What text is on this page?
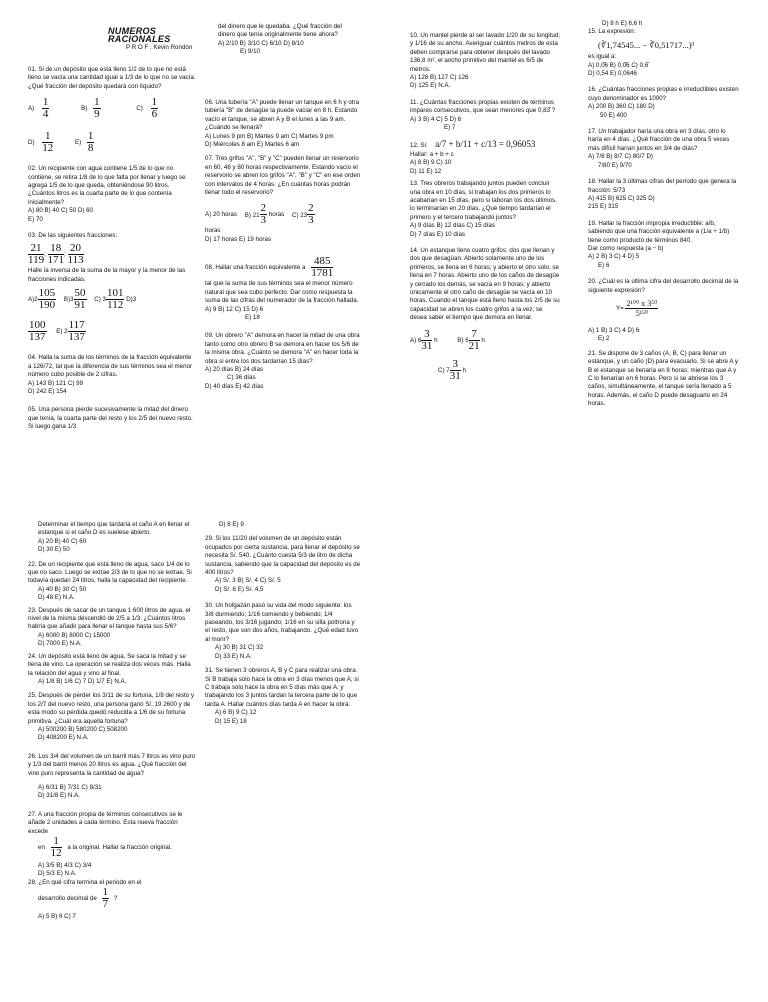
NUMEROS RACIONALES
P R O F . Kevin Rondón

del dinero que le quedaba. ¿Qué fracción del dinero que tenía originalmente tiene ahora?

A) 2/10 B) 3/10 C) 6/10 D) 8/10

E) 9/10

01. Si de un depósito que está lleno 1/2 de lo que no está lleno se vacía una cantidad igual a 1/3 de lo que no se vacía. ¿Qué fracción del depósito quedará con líquido?

$A) \frac{1}{4}$	$B) \frac{1}{9}$	$C) \frac{1}{6}$
$D) \frac{1}{12}$	$E) \frac{1}{8}$

02. Un recipiente con agua contiene 1/5 de lo que no contiene, se retira 1/8 de lo que falta por llenar y luego se agrega 1/5 de lo que queda, obteniéndose 90 litros. ¿Cuántos litros es la cuarta parte de lo que contenía inicialmente?

A) 80 B) 40 C) 50 D) 60

E) 70

03. De las siguientes fracciones:

$\frac{21}{119}$ ; $\frac{18}{171}$ ; $\frac{20}{113}$

Halle la inversa de la suma de la mayor y la menor de las fracciones indicadas.

$A)2 \frac{105}{190} B)3 \frac{50}{91} C$) $3 \frac{101}{112} D)3$
$\frac{100}{137} E$) $2 \frac{117}{137}$

04. Halla la suma de los términos de la fracción equivalente a 126/72, tal que la diferencia de sus términos sea el menor número cubo posible de 2 cifras.

A) 143 B) 121 C) 99

D) 242 E) 154

05. Una persona pierde sucesivamente la mitad del dinero que tenía, la cuarta parte del resto y los 2/5 del nuevo resto. Si luego gana 1/3

06. Una tubería "A" puede llenar un tanque en 6 h y otra tubería "B" de desagüe la puede vaciar en 8 h. Estando vacío el tanque, se abren A y B el lunes a las 9 am. ¿Cuándo se llenará?

A) Lunes 9 pm B) Martes 9 am C) Martes 9 pm

D) Miércoles 8 am E) Martes 6 am

07. Tres grifos "A", "B" y "C" pueden llenar un reservorio en 60, 48 y 80 horas respectivamente. Estando vacío el reservorio se abren los grifos "A", "B" y "C" en ese orden con intervalos de 4 horas. ¿En cuántas horas podrán llenar todo el reservorio?

A) 20 horas B) $21 \frac{2}{3}$ horas C) $23 \frac{2}{3}$

horas

D) 17 horas E) 19 horas

08. Hallar una fracción equivalente a $\frac{485}{1781}$

tal que la suma de sus términos sea el menor número natural que sea cubo perfecto. Dar como respuesta la suma de las cifras del numerador de la fracción hallada.

A) 9 B) 12 C) 15 D) 6

E) 18

09. Un obrero "A" demora en hacer la mitad de una obra tanto como otro obrero B se demora en hacer los 5/6 de la misma obra. ¿Cuánto se demora "A" en hacer toda la obra si entre los dos tardarían 15 días?

A) 20 días B) 24 días

C) 36 días

D) 40 días E) 42 días

10. Un mantel pierde al ser lavado 1/20 de su longitud; y 1/16 de su ancho. Averiguar cuántos metros de esta deben comprarse para obtener después del lavado 136,8 m², el ancho primitivo del mantel es 6/5 de metros.

A) 128 B) 127 C) 126

D) 125 E) N.A.

11. ¿Cuántas fracciones propias existen de términos impares consecutivos, que sean menores que 0,83̂ ?

A) 3 B) 4 C) 5 D) 6

E) 7

12. Si: a/7 + b/11 + c/13 = 0,96053

Hallar: a + b + c

A) 8 B) 9 C) 10

D) 11 E) 12

13. Tres obreros trabajando juntos pueden concluir una obra en 10 días, si trabajan los dos primeros lo acabarían en 15 días, pero si laboran los dos últimos, lo terminarían en 20 días. ¿Qué tiempo tardarían el primero y el tercero trabajando juntos?

A) 9 días B) 12 días C) 15 días

D) 7 días E) 10 días

14. Un estanque lleno cuatro grifos: dos que llenan y dos que desagüan. Abierto solamente uno de los primeros, se llena en 6 horas; y abierto el otro solo, se llena en 7 horas. Abierto uno de los caños de desagüe y cerrado los demás, se vacía en 9 horas; y abierto únicamente el otro caño de desagüe se vacía en 10 horas. Cuando el tanque está lleno hasta los 2/5 de su capacidad se abren los cuatro grifos a la vez; se desea saber el tiempo que demora en llenar.

A) $6 \frac{3}{31}$ h	B) $6 \frac{7}{21}$ h
C) $7 \frac{3}{31}$ h

D) 8 h E) 6,6 h

15. La expresión:

(∛1,74545... − ∛0,51717...)³

es igual a:

A) 0,0̂6 B) 0,0̂6 C) 0,6̂

D) 0,54 E) 0,0646

16. ¿Cuántas fracciones propias e irreductibles existen cuyo denominador es 1000?

A) 200 B) 360 C) 180 D)

50 E) 400

17. Un trabajador haría una obra en 3 días, otro lo haría en 4 días. ¿Qué fracción de una obra 5 veces más difícil harían juntos en 3/4 de días?

A) 7/8 B) 8/7 C) 80/7 D)

7/80 E) 9/70

18. Hallar la 3 últimas cifras del período que genera la fracción: 5/73

A) 415 B) 625 C) 325 D)

215 E) 315

19. Hallar la fracción impropia irreductible: a/b, sabiendo que una fracción equivalente a (1/a + 1/b) tiene como producto de términos 840.

Dar como respuesta (a − b)

A) 2 B) 3 C) 4 D) 5

E) 6

20. ¿Cuál es la última cifra del desarrollo decimal de la siguiente expresión?

$Y= \frac{\text{2¹⁰⁰ x 3⁵⁰}}{\text{5¹⁵⁰}}$

A) 1 B) 3 C) 4 D) 6

E) 2

21. Se dispone de 3 caños (A, B, C) para llenar un estanque, y un caño (D) para evacuarlo. Si se abre A y B el estanque se llenaría en 8 horas; mientras que A y C lo llenarían en 6 horas. Pero si se abriese los 3 caños, simultáneamente, el tanque sería llenado a 5 horas. Además, el caño D puede desaguarlo en 24 horas.

Determinar el tiempo que tardaría el caño A en llenar el estanque si el caño D es suelese abierto.

A) 20 B) 40 C) 60

D) 30 E) 50

22. De un recipiente que está lleno de agua, saco 1/4 de lo que no saco. Luego se extrae 2/3 de lo que no se extrae. Si todavía quedan 24 litros, halla la capacidad del recipiente.

A) 40 B) 30 C) 50

D) 48 E) N.A.

23. Después de sacar de un tanque 1 600 litros de agua, el nivel de la misma descendió de 2/5 a 1/3. ¿Cuántos litros habría que añadir para llenar el tanque hasta sus 5/6?

A) 6000 B) 8000 C) 15000

D) 7000 E) N.A.

24. Un depósito está lleno de agua. Se saca la mitad y se llena de vino. La operación se realiza dos veces más. Halla la relación del agua y vino al final.

A) 1/8 B) 1/6 C) 7 D) 1/7 E) N.A.

25. Después de perder los 3/11 de su fortuna, 1/8 del resto y los 2/7 del nuevo resto, una persona ganó S/. 19 2600 y de esta modo su pérdida quedó reducida a 1/6 de su fortuna primitiva. ¿Cuál era aquella fortuna?

A) 500200 B) 580200 C) 508200

D) 408200 E) N.A.

26. Los 3/4 del volumen de un barril más 7 litros es vino puro y 1/3 del barril menos 20 litros es agua. ¿Qué fracción del vino puro representa la cantidad de agua?

A) 6/31 B) 7/31 C) 8/31

D) 31/8 E) N.A.

27. A una fracción propia de términos consecutivos se le añade 2 unidades a cada término. Esta nueva fracción excede

en $\frac{1}{12}$ a la original. Hallar la fracción original.

A) 3/5 B) 4/3 C) 3/4

D) 5/3 E) N.A.

28. ¿En qué cifra termina el periodo en el

desarrollo decimal de $\frac{1}{7}$ ?

A) 5 B) 6 C) 7

D) 8 E) 9

29. Si los 11/20 del volumen de un depósito están ocupados por cierta sustancia, para llenar el depósito se necesita S/. 540. ¿Cuánto cuesta 5/3 de litro de dicha sustancia, sabiendo que la capacidad del depósito es de 400 litros?

A) S/. 3 B) S/. 4 C) S/. 5

D) S/. 6 E) S/. 4,5

30. Un holgazán pasó su vida del modo siguiente: los 3/8 durmiendo; 1/16 comiendo y bebiendo; 1/4 paseando, los 3/16 jugando; 1/16 en su silla poltrona y el resto, que son dos años, trabajando. ¿Qué edad tuvo al morir?

A) 30 B) 31 C) 32

D) 33 E) N.A.

31. Se tienen 3 obreros A, B y C para realizar una obra. Si B trabaja solo hace la obra en 3 días menos que A; si C trabaja solo hace la obra en 5 días más que A; y trabajando los 3 juntos tardan la tercera parte de lo que tarda A. Hallar cuántos días tarda A en hacer la obra.

A) 6 B) 9 C) 12

D) 15 E) 18
